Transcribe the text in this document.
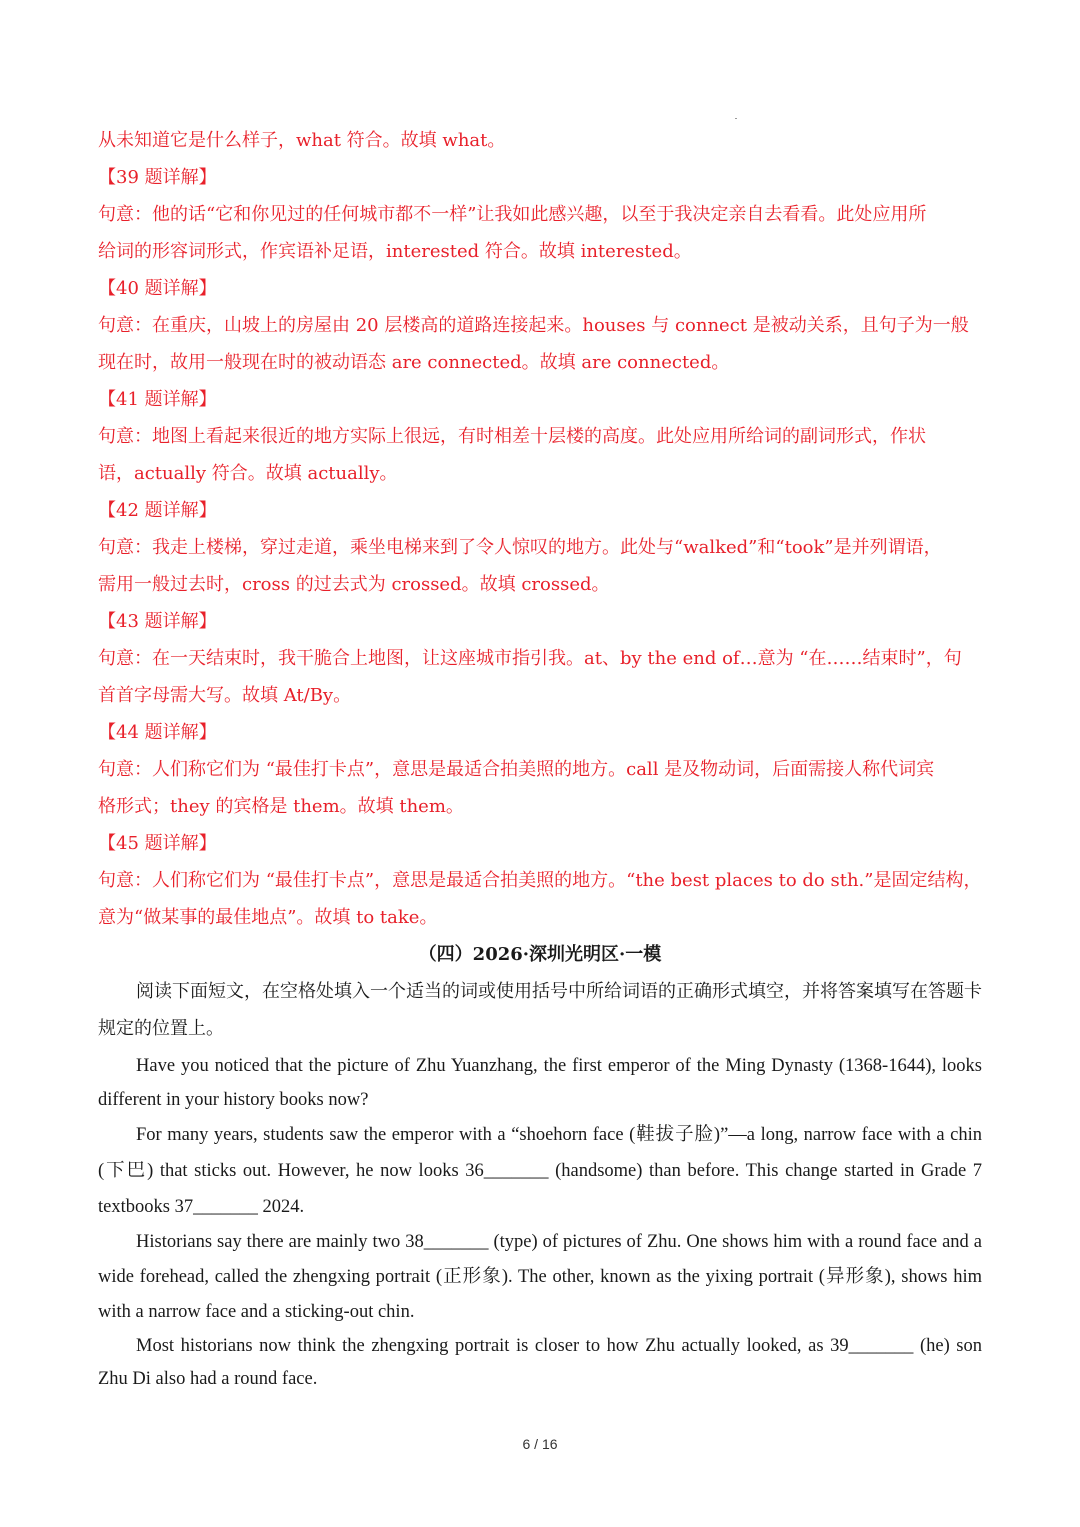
从未知道它是什么样子，what 符合。故填 what。

【39 题详解】

句意：他的话“它和你见过的任何城市都不一样”让我如此感兴趣，以至于我决定亲自去看看。此处应用所

给词的形容词形式，作宾语补足语，interested 符合。故填 interested。

【40 题详解】

句意：在重庆，山坡上的房屋由 20 层楼高的道路连接起来。houses 与 connect 是被动关系，且句子为一般

现在时，故用一般现在时的被动语态 are connected。故填 are connected。

【41 题详解】

句意：地图上看起来很近的地方实际上很远，有时相差十层楼的高度。此处应用所给词的副词形式，作状

语，actually 符合。故填 actually。

【42 题详解】

句意：我走上楼梯，穿过走道，乘坐电梯来到了令人惊叹的地方。此处与“walked”和“took”是并列谓语，

需用一般过去时，cross 的过去式为 crossed。故填 crossed。

【43 题详解】

句意：在一天结束时，我干脆合上地图，让这座城市指引我。at、by the end of…意为 “在……结束时”，句

首首字母需大写。故填 At/By。

【44 题详解】

句意：人们称它们为 “最佳打卡点”，意思是最适合拍美照的地方。call 是及物动词，后面需接人称代词宾

格形式；they 的宾格是 them。故填 them。

【45 题详解】

句意：人们称它们为 “最佳打卡点”，意思是最适合拍美照的地方。“the best places to do sth.”是固定结构，

意为“做某事的最佳地点”。故填 to take。

（四）2026·深圳光明区·一模

阅读下面短文，在空格处填入一个适当的词或使用括号中所给词语的正确形式填空，并将答案填写在答题卡规定的位置上。

Have you noticed that the picture of Zhu Yuanzhang, the first emperor of the Ming Dynasty (1368-1644), looks different in your history books now?

For many years, students saw the emperor with a “shoehorn face (鞋拔子脸)”—a long, narrow face with a chin (下巴) that sticks out. However, he now looks 36_______ (handsome) than before. This change started in Grade 7 textbooks 37_______ 2024.

Historians say there are mainly two 38_______ (type) of pictures of Zhu. One shows him with a round face and a wide forehead, called the zhengxing portrait (正形象). The other, known as the yixing portrait (异形象), shows him with a narrow face and a sticking-out chin.

Most historians now think the zhengxing portrait is closer to how Zhu actually looked, as 39_______ (he) son Zhu Di also had a round face.

6 / 16
